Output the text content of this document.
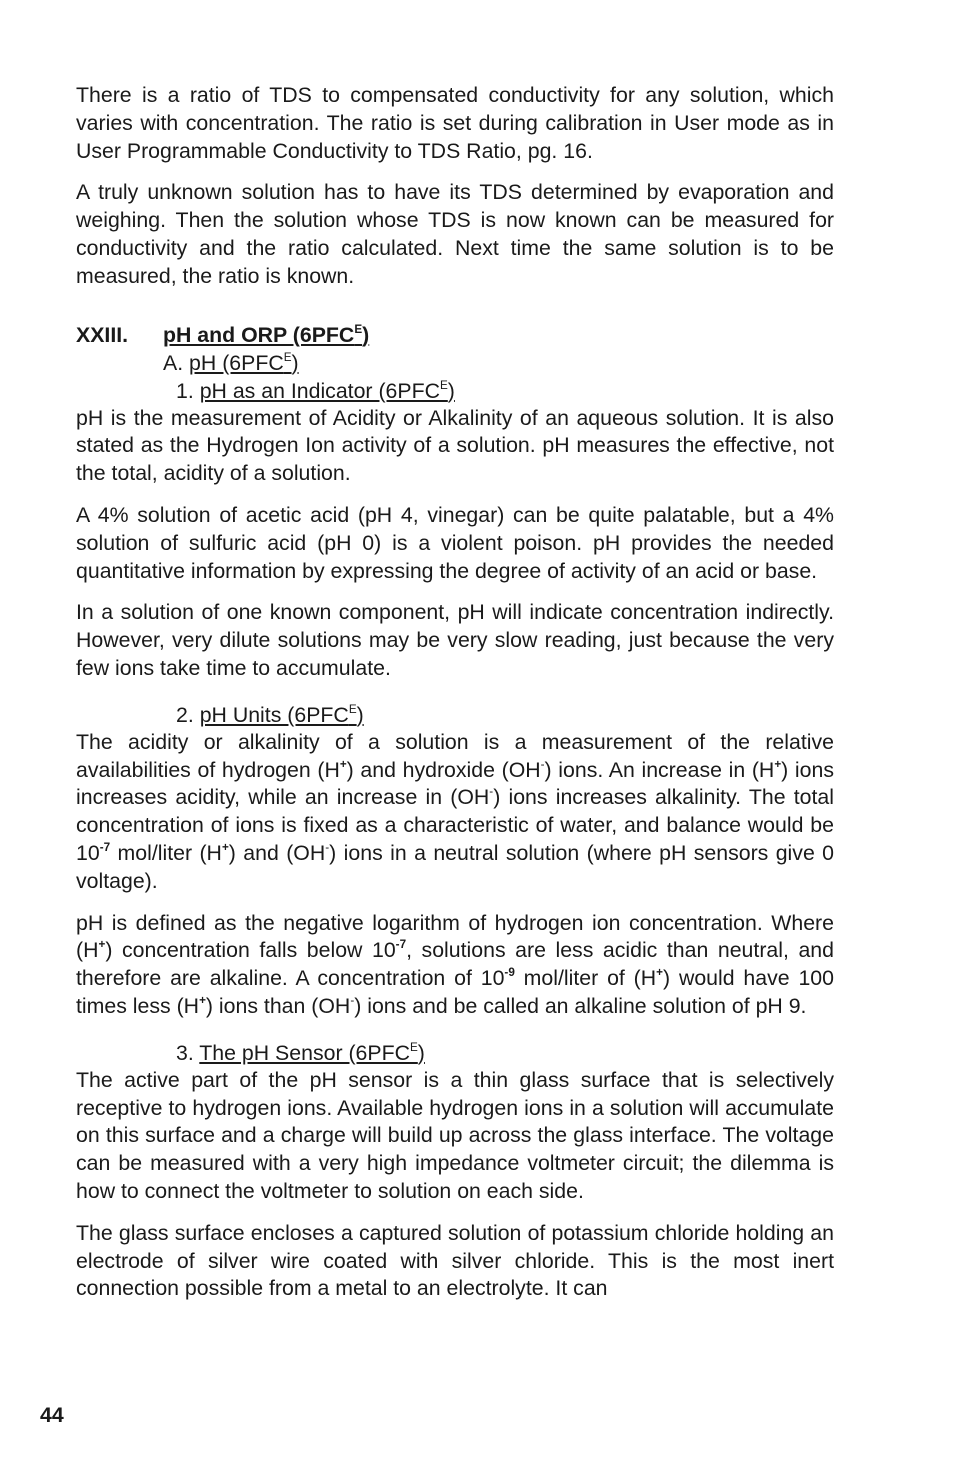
There is a ratio of TDS to compensated conductivity for any solution, which varies with concentration. The ratio is set during calibration in User mode as in User Programmable Conductivity to TDS Ratio, pg. 16.

A truly unknown solution has to have its TDS determined by evaporation and weighing. Then the solution whose TDS is now known can be measured for conductivity and the ratio calculated. Next time the same solution is to be measured, the ratio is known.

XXIII.	pH and ORP $(6PFC^E)$
A. pH $(6PFC^E)$
1. pH as an Indicator $(6PFC^E)$

pH is the measurement of Acidity or Alkalinity of an aqueous solution. It is also stated as the Hydrogen Ion activity of a solution. pH measures the effective, not the total, acidity of a solution.

A 4% solution of acetic acid (pH 4, vinegar) can be quite palatable, but a 4% solution of sulfuric acid (pH 0) is a violent poison. pH provides the needed quantitative information by expressing the degree of activity of an acid or base.

In a solution of one known component, pH will indicate concentration indirectly. However, very dilute solutions may be very slow reading, just because the very few ions take time to accumulate.

2. pH Units $(6PFC^E)$

The acidity or alkalinity of a solution is a measurement of the relative availabilities of hydrogen (H+) and hydroxide (OH-) ions. An increase in (H+) ions increases acidity, while an increase in (OH-) ions increases alkalinity. The total concentration of ions is fixed as a characteristic of water, and balance would be $10^{-7}$ mol/liter (H+) and (OH-) ions in a neutral solution (where pH sensors give 0 voltage).

pH is defined as the negative logarithm of hydrogen ion concentration. Where (H+) concentration falls below $10^{-7}$, solutions are less acidic than neutral, and therefore are alkaline. A concentration of $10^{-9}$ mol/liter of (H+) would have 100 times less (H+) ions than (OH-) ions and be called an alkaline solution of pH 9.

3. The pH Sensor $(6PFC^E)$

The active part of the pH sensor is a thin glass surface that is selectively receptive to hydrogen ions. Available hydrogen ions in a solution will accumulate on this surface and a charge will build up across the glass interface. The voltage can be measured with a very high impedance voltmeter circuit; the dilemma is how to connect the voltmeter to solution on each side.

The glass surface encloses a captured solution of potassium chloride holding an electrode of silver wire coated with silver chloride. This is the most inert connection possible from a metal to an electrolyte. It can

44
